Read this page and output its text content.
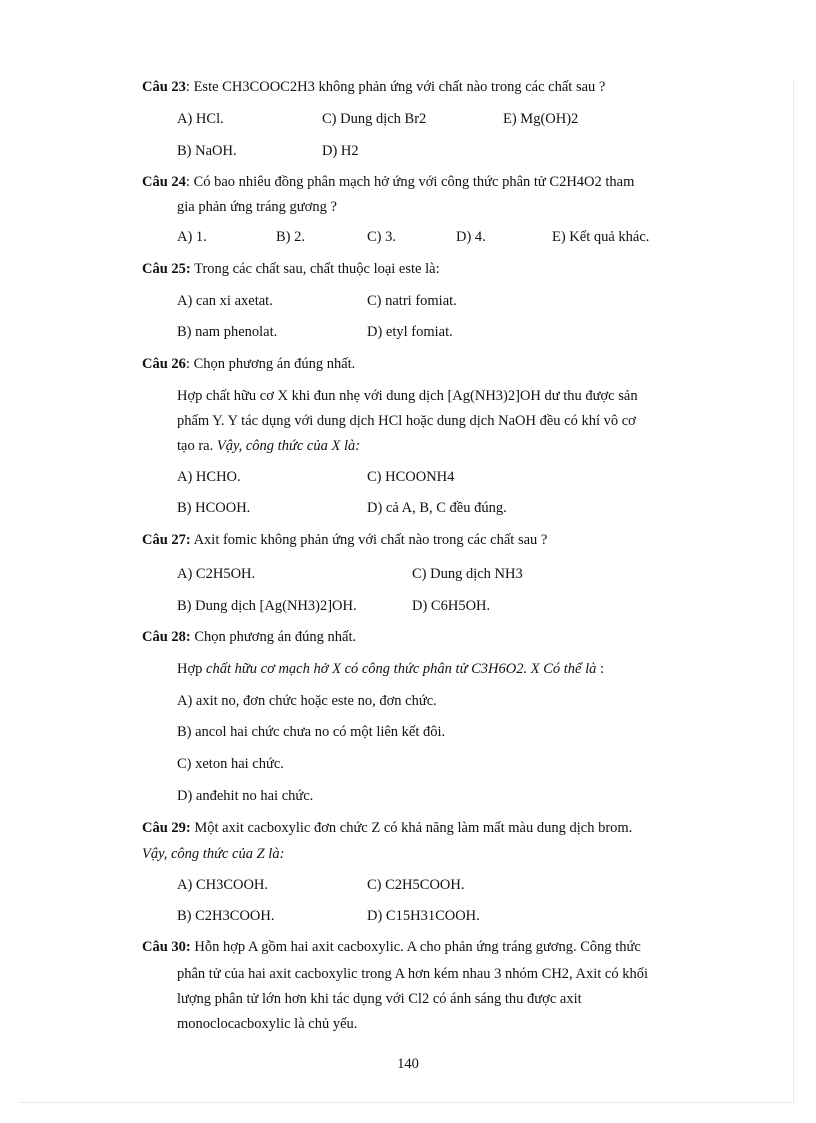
Câu 23: Este CH3COOC2H3 không phản ứng với chất nào trong các chất sau ?
A) HCl.	C) Dung dịch Br2	E) Mg(OH)2
B) NaOH.	D) H2
Câu 24: Có bao nhiêu đồng phân mạch hở ứng với công thức phân tử C2H4O2 tham
gia phản ứng tráng gương ?
A) 1.	B) 2.	C) 3.	D) 4.	E) Kết quả khác.
Câu 25: Trong các chất sau, chất thuộc loại este là:
A) can xi axetat.	C) natri fomiat.
B) nam phenolat.	D) etyl fomiat.
Câu 26: Chọn phương án đúng nhất.
Hợp chất hữu cơ X khi đun nhẹ với dung dịch [Ag(NH3)2]OH dư thu được sản
phẩm Y. Y tác dụng với dung dịch HCl hoặc dung dịch NaOH đều có khí vô cơ
tạo ra. Vậy, công thức của X là:
A) HCHO.	C) HCOONH4
B) HCOOH.	D) cả A, B, C đều đúng.
Câu 27: Axit fomic không phản ứng với chất nào trong các chất sau ?
A) C2H5OH.	C) Dung dịch NH3
B) Dung dịch [Ag(NH3)2]OH.	D) C6H5OH.
Câu 28: Chọn phương án đúng nhất.
Hợp chất hữu cơ mạch hở X có công thức phân tử C3H6O2. X Có thể là :
A) axit no, đơn chức hoặc este no, đơn chức.
B) ancol hai chức chưa no có một liên kết đôi.
C) xeton hai chức.
D) anđehit no hai chức.
Câu 29: Một axit cacboxylic đơn chức Z có khả năng làm mất màu dung dịch brom.
Vậy, công thức của Z là:
A) CH3COOH.	C) C2H5COOH.
B) C2H3COOH.	D) C15H31COOH.
Câu 30: Hỗn hợp A gồm hai axit cacboxylic. A cho phản ứng tráng gương. Công thức
phân tử của hai axit cacboxylic trong A hơn kém nhau 3 nhóm CH2, Axit có khối
lượng phân tử lớn hơn khi tác dụng với Cl2 có ánh sáng thu được axit
monoclocacboxylic là chủ yếu.
140
